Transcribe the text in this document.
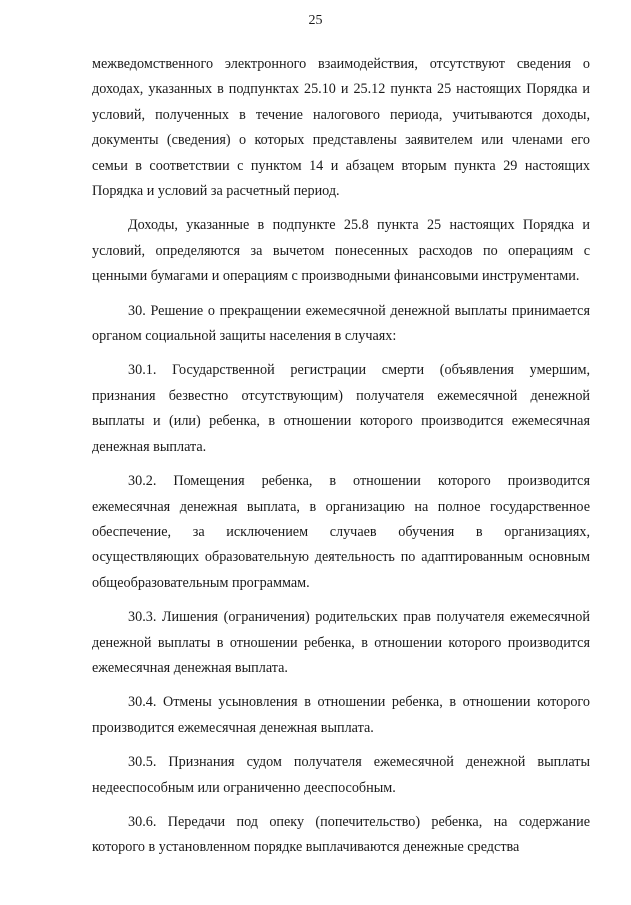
25

межведомственного электронного взаимодействия, отсутствуют сведения о доходах, указанных в подпунктах 25.10 и 25.12 пункта 25 настоящих Порядка и условий, полученных в течение налогового периода, учитываются доходы, документы (сведения) о которых представлены заявителем или членами его семьи в соответствии с пунктом 14 и абзацем вторым пункта 29 настоящих Порядка и условий за расчетный период.

Доходы, указанные в подпункте 25.8 пункта 25 настоящих Порядка и условий, определяются за вычетом понесенных расходов по операциям с ценными бумагами и операциям с производными финансовыми инструментами.

30. Решение о прекращении ежемесячной денежной выплаты принимается органом социальной защиты населения в случаях:

30.1. Государственной регистрации смерти (объявления умершим, признания безвестно отсутствующим) получателя ежемесячной денежной выплаты и (или) ребенка, в отношении которого производится ежемесячная денежная выплата.

30.2. Помещения ребенка, в отношении которого производится ежемесячная денежная выплата, в организацию на полное государственное обеспечение, за исключением случаев обучения в организациях, осуществляющих образовательную деятельность по адаптированным основным общеобразовательным программам.

30.3. Лишения (ограничения) родительских прав получателя ежемесячной денежной выплаты в отношении ребенка, в отношении которого производится ежемесячная денежная выплата.

30.4. Отмены усыновления в отношении ребенка, в отношении которого производится ежемесячная денежная выплата.

30.5. Признания судом получателя ежемесячной денежной выплаты недееспособным или ограниченно дееспособным.

30.6. Передачи под опеку (попечительство) ребенка, на содержание которого в установленном порядке выплачиваются денежные средства
